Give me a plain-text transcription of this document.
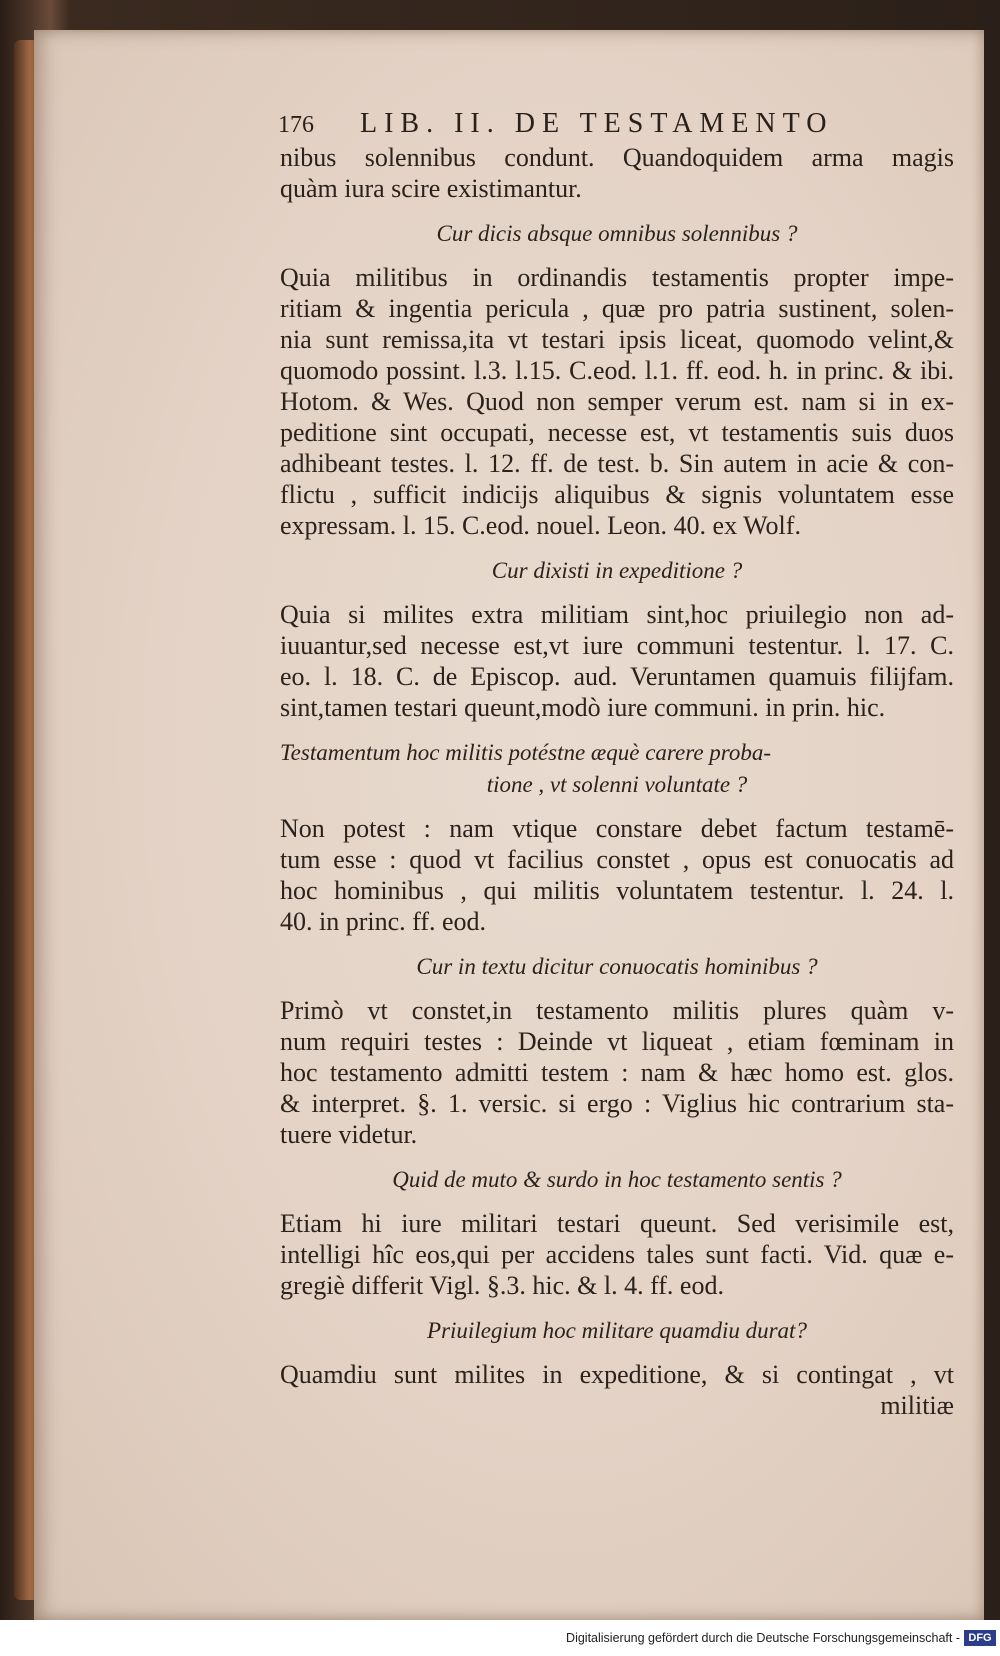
176 LIB. II. DE TESTAMENTO
nibus solennibus condunt. Quandoquidem arma magis
quàm iura scire existimantur.
Cur dicis absque omnibus solennibus ?
Quia militibus in ordinandis testamentis propter impe-
ritiam & ingentia pericula , quæ pro patria sustinent, solen-
nia sunt remissa,ita vt testari ipsis liceat, quomodo velint,&
quomodo possint. l.3. l.15. C.eod. l.1. ff. eod. h. in princ. & ibi.
Hotom. & Wes. Quod non semper verum est. nam si in ex-
peditione sint occupati, necesse est, vt testamentis suis duos
adhibeant testes. l. 12. ff. de test. b. Sin autem in acie & con-
flictu , sufficit indicijs aliquibus & signis voluntatem esse
expressam. l. 15. C.eod. nouel. Leon. 40. ex Wolf.
Cur dixisti in expeditione ?
Quia si milites extra militiam sint,hoc priuilegio non ad-
iuuantur,sed necesse est,vt iure communi testentur. l. 17. C.
eo. l. 18. C. de Episcop. aud. Veruntamen quamuis filijfam.
sint,tamen testari queunt,modò iure communi. in prin. hic.
Testamentum hoc militis potéstne æquè carere proba-
tione , vt solenni voluntate ?
Non potest : nam vtique constare debet factum testamē-
tum esse : quod vt facilius constet , opus est conuocatis ad
hoc hominibus , qui militis voluntatem testentur. l. 24. l.
40. in princ. ff. eod.
Cur in textu dicitur conuocatis hominibus ?
Primò vt constet,in testamento militis plures quàm v-
num requiri testes : Deinde vt liqueat , etiam fœminam in
hoc testamento admitti testem : nam & hæc homo est. glos.
& interpret. §. 1. versic. si ergo : Viglius hic contrarium sta-
tuere videtur.
Quid de muto & surdo in hoc testamento sentis ?
Etiam hi iure militari testari queunt. Sed verisimile est,
intelligi hîc eos,qui per accidens tales sunt facti. Vid. quæ e-
gregiè differit Vigl. §.3. hic. & l. 4. ff. eod.
Priuilegium hoc militare quamdiu durat?
Quamdiu sunt milites in expeditione, & si contingat , vt
militiæ
Digitalisierung gefördert durch die Deutsche Forschungsgemeinschaft - DFG
